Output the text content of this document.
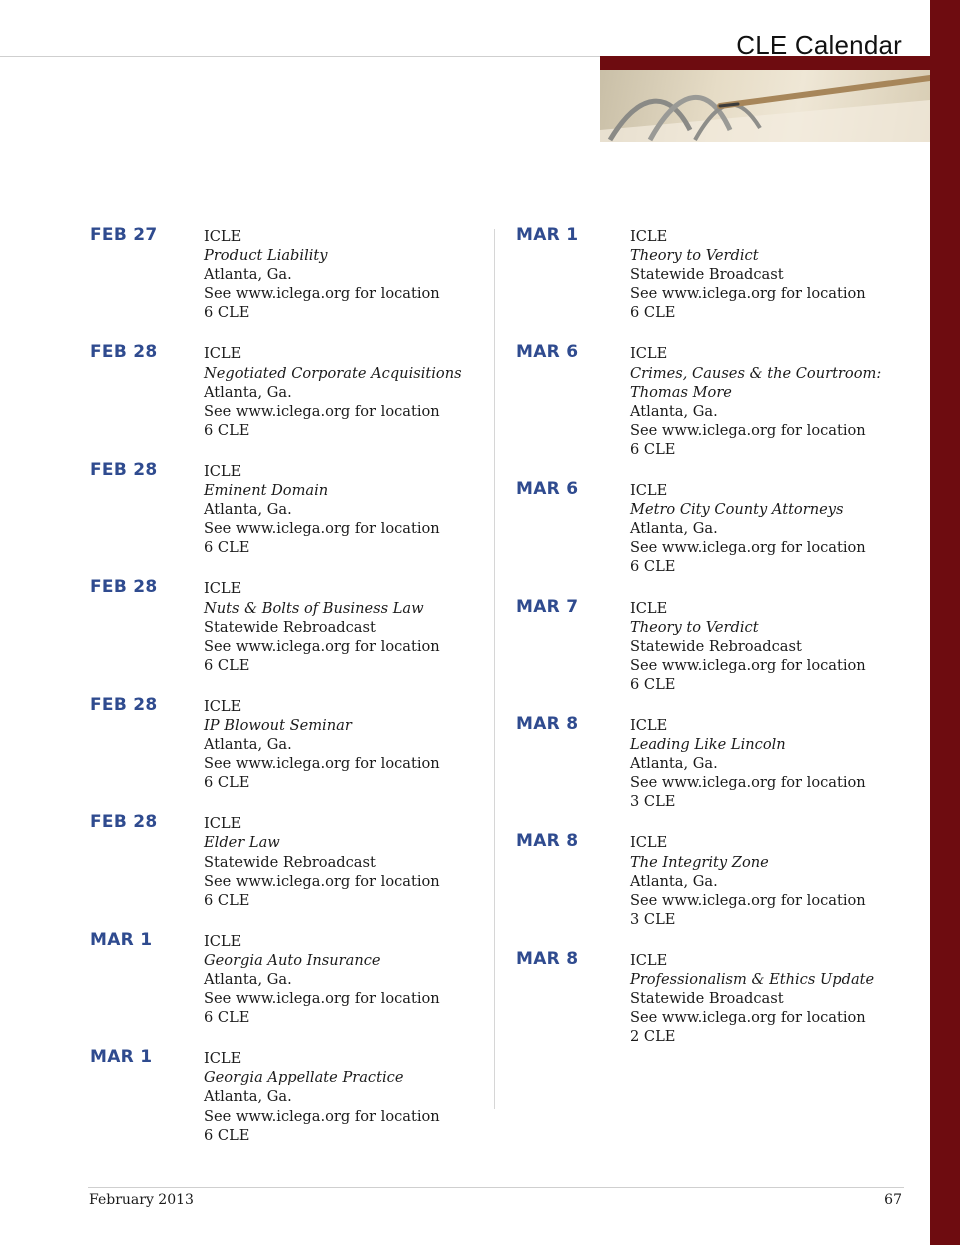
CLE Calendar
FEB 27	ICLE
Product Liability
Atlanta, Ga.
See www.iclega.org for location
6 CLE
FEB 28	ICLE
Negotiated Corporate Acquisitions
Atlanta, Ga.
See www.iclega.org for location
6 CLE
FEB 28	ICLE
Eminent Domain
Atlanta, Ga.
See www.iclega.org for location
6 CLE
FEB 28	ICLE
Nuts & Bolts of Business Law
Statewide Rebroadcast
See www.iclega.org for location
6 CLE
FEB 28	ICLE
IP Blowout Seminar
Atlanta, Ga.
See www.iclega.org for location
6 CLE
FEB 28	ICLE
Elder Law
Statewide Rebroadcast
See www.iclega.org for location
6 CLE
MAR 1	ICLE
Georgia Auto Insurance
Atlanta, Ga.
See www.iclega.org for location
6 CLE
MAR 1	ICLE
Georgia Appellate Practice
Atlanta, Ga.
See www.iclega.org for location
6 CLE
MAR 1	ICLE
Theory to Verdict
Statewide Broadcast
See www.iclega.org for location
6 CLE
MAR 6	ICLE
Crimes, Causes & the Courtroom:
Thomas More
Atlanta, Ga.
See www.iclega.org for location
6 CLE
MAR 6	ICLE
Metro City County Attorneys
Atlanta, Ga.
See www.iclega.org for location
6 CLE
MAR 7	ICLE
Theory to Verdict
Statewide Rebroadcast
See www.iclega.org for location
6 CLE
MAR 8	ICLE
Leading Like Lincoln
Atlanta, Ga.
See www.iclega.org for location
3 CLE
MAR 8	ICLE
The Integrity Zone
Atlanta, Ga.
See www.iclega.org for location
3 CLE
MAR 8	ICLE
Professionalism & Ethics Update
Statewide Broadcast
See www.iclega.org for location
2 CLE
February 2013	67
